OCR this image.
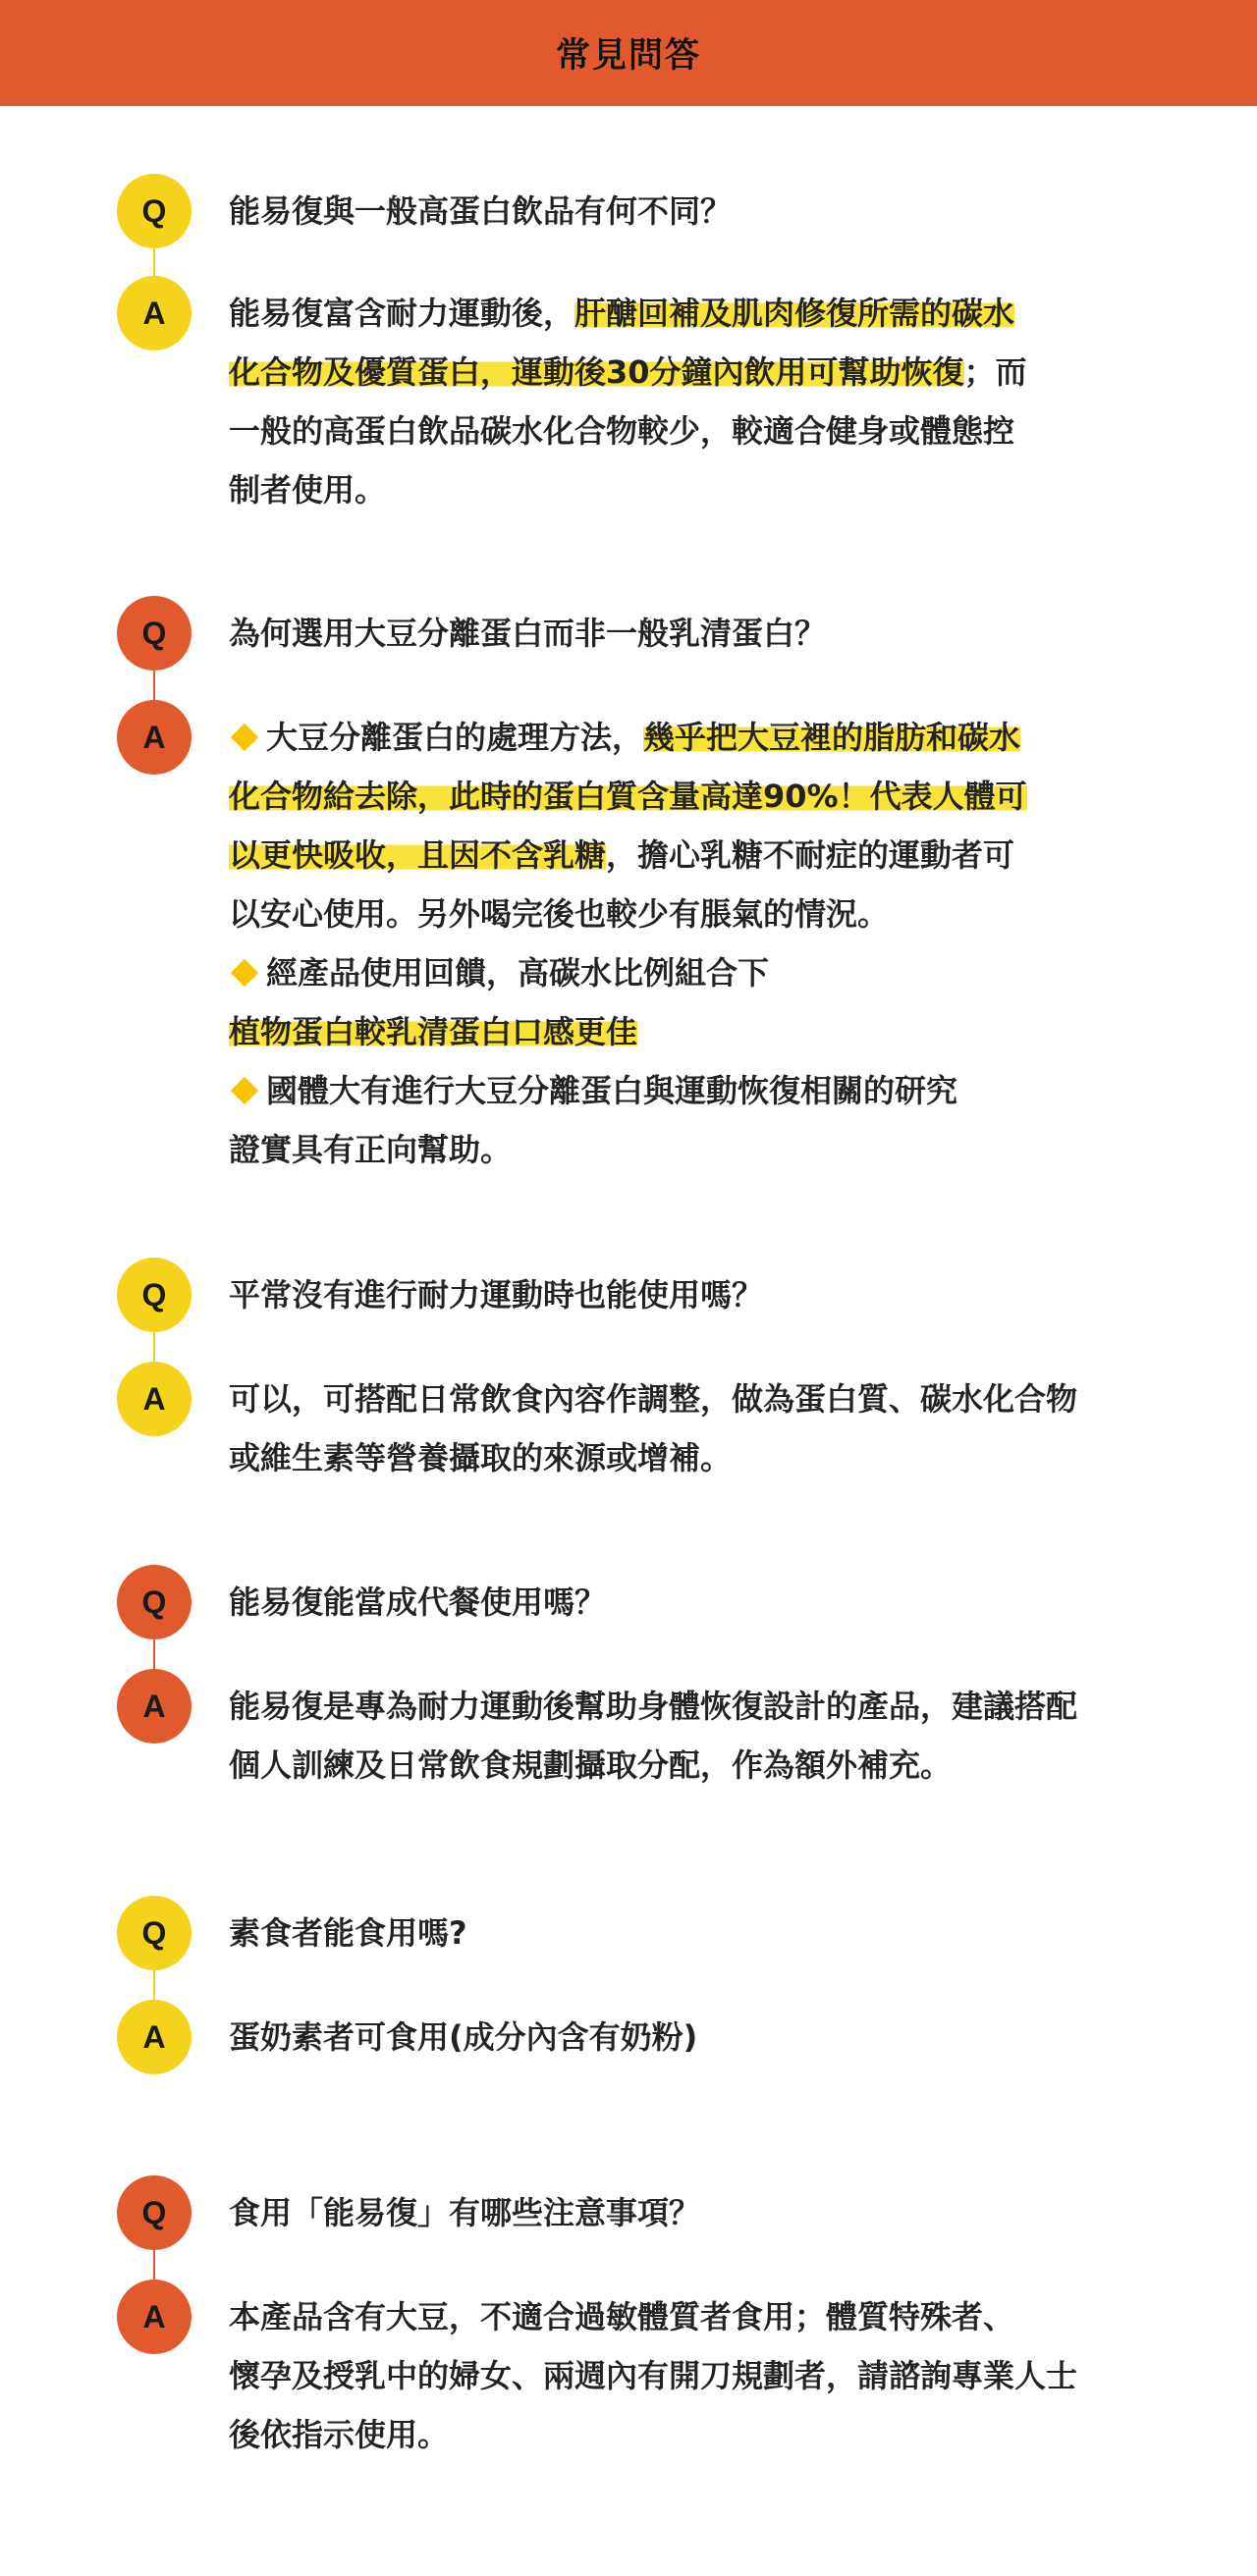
常見問答
Q	能易復與一般高蛋白飲品有何不同？
A	能易復富含耐力運動後，肝醣回補及肌肉修復所需的碳水
化合物及優質蛋白，運動後30分鐘內飲用可幫助恢復；而
一般的高蛋白飲品碳水化合物較少，較適合健身或體態控
制者使用。
Q	為何選用大豆分離蛋白而非一般乳清蛋白？
A	大豆分離蛋白的處理方法，幾乎把大豆裡的脂肪和碳水
化合物給去除，此時的蛋白質含量高達90%！代表人體可
以更快吸收，且因不含乳糖，擔心乳糖不耐症的運動者可
以安心使用。另外喝完後也較少有脹氣的情況。
經產品使用回饋，高碳水比例組合下
植物蛋白較乳清蛋白口感更佳
國體大有進行大豆分離蛋白與運動恢復相關的研究
證實具有正向幫助。
Q	平常沒有進行耐力運動時也能使用嗎？
A	可以，可搭配日常飲食內容作調整，做為蛋白質、碳水化合物
或維生素等營養攝取的來源或增補。
Q	能易復能當成代餐使用嗎？
A	能易復是專為耐力運動後幫助身體恢復設計的產品，建議搭配
個人訓練及日常飲食規劃攝取分配，作為額外補充。
Q	素食者能食用嗎?
A	蛋奶素者可食用(成分內含有奶粉)
Q	食用「能易復」有哪些注意事項？
A	本產品含有大豆，不適合過敏體質者食用；體質特殊者、
懷孕及授乳中的婦女、兩週內有開刀規劃者，請諮詢專業人士
後依指示使用。
